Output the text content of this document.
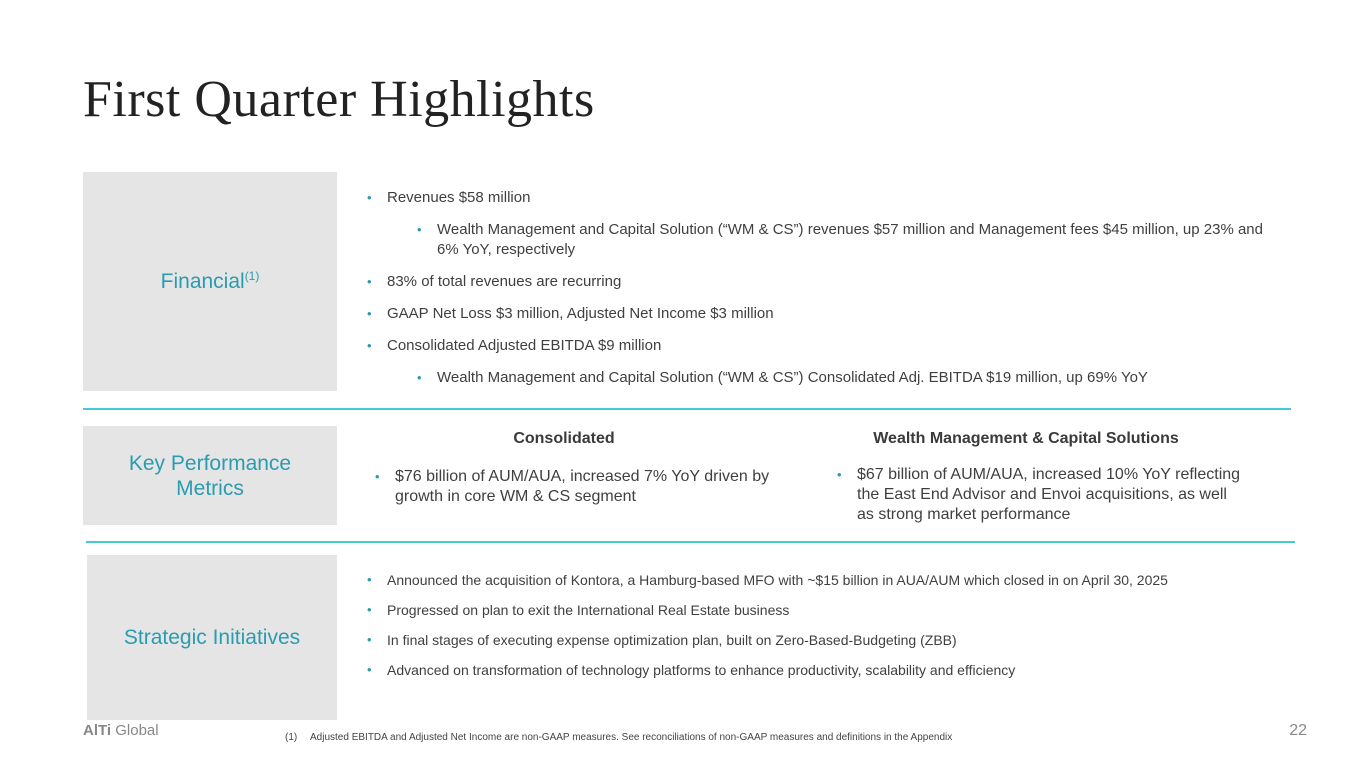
First Quarter Highlights
Financial$^{(1)}$
• Revenues $58 million
• Wealth Management and Capital Solution (“WM & CS”) revenues $57 million and Management fees $45 million, up 23% and 6% YoY, respectively
• 83% of total revenues are recurring
• GAAP Net Loss $3 million, Adjusted Net Income $3 million
• Consolidated Adjusted EBITDA $9 million
• Wealth Management and Capital Solution (“WM & CS”) Consolidated Adj. EBITDA $19 million, up 69% YoY
Key Performance Metrics
Consolidated
• $76 billion of AUM/AUA, increased 7% YoY driven by growth in core WM & CS segment
Wealth Management & Capital Solutions
• $67 billion of AUM/AUA, increased 10% YoY reflecting the East End Advisor and Envoi acquisitions, as well as strong market performance
Strategic Initiatives
• Announced the acquisition of Kontora, a Hamburg-based MFO with ~$15 billion in AUA/AUM which closed in on April 30, 2025
• Progressed on plan to exit the International Real Estate business
• In final stages of executing expense optimization plan, built on Zero-Based-Budgeting (ZBB)
• Advanced on transformation of technology platforms to enhance productivity, scalability and efficiency
AlTi Global	(1) Adjusted EBITDA and Adjusted Net Income are non-GAAP measures. See reconciliations of non-GAAP measures and definitions in the Appendix	22
